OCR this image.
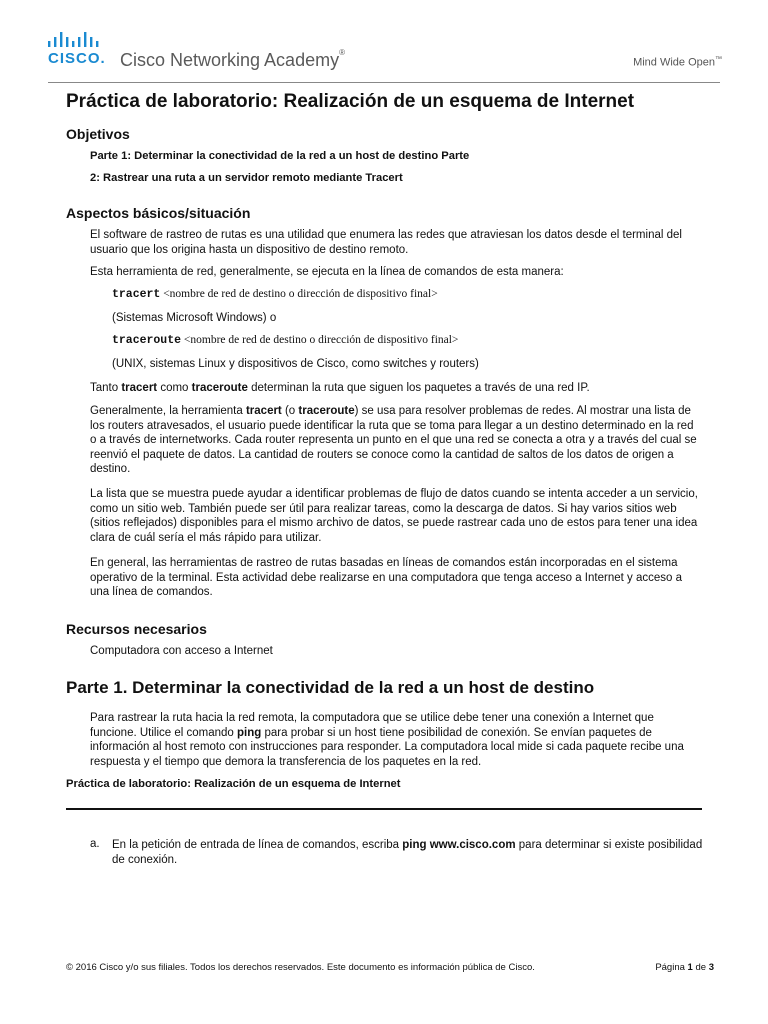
CISCO. Cisco Networking Academy®
Mind Wide Open™
Práctica de laboratorio: Realización de un esquema de Internet
Objetivos
Parte 1: Determinar la conectividad de la red a un host de destino Parte
2: Rastrear una ruta a un servidor remoto mediante Tracert
Aspectos básicos/situación

El software de rastreo de rutas es una utilidad que enumera las redes que atraviesan los datos desde el terminal del usuario que los origina hasta un dispositivo de destino remoto.

Esta herramienta de red, generalmente, se ejecuta en la línea de comandos de esta manera:

tracert <nombre de red de destino o dirección de dispositivo final>
(Sistemas Microsoft Windows) o
traceroute <nombre de red de destino o dirección de dispositivo final>
(UNIX, sistemas Linux y dispositivos de Cisco, como switches y routers)

Tanto tracert como traceroute determinan la ruta que siguen los paquetes a través de una red IP.

Generalmente, la herramienta tracert (o traceroute) se usa para resolver problemas de redes. Al mostrar una lista de los routers atravesados, el usuario puede identificar la ruta que se toma para llegar a un destino determinado en la red o a través de internetworks. Cada router representa un punto en el que una red se conecta a otra y a través del cual se reenvió el paquete de datos. La cantidad de routers se conoce como la cantidad de saltos de los datos de origen a destino.

La lista que se muestra puede ayudar a identificar problemas de flujo de datos cuando se intenta acceder a un servicio, como un sitio web. También puede ser útil para realizar tareas, como la descarga de datos. Si hay varios sitios web (sitios reflejados) disponibles para el mismo archivo de datos, se puede rastrear cada uno de estos para tener una idea clara de cuál sería el más rápido para utilizar.

En general, las herramientas de rastreo de rutas basadas en líneas de comandos están incorporadas en el sistema operativo de la terminal. Esta actividad debe realizarse en una computadora que tenga acceso a Internet y acceso a una línea de comandos.

Recursos necesarios
Computadora con acceso a Internet
Parte 1. Determinar la conectividad de la red a un host de destino

Para rastrear la ruta hacia la red remota, la computadora que se utilice debe tener una conexión a Internet que funcione. Utilice el comando ping para probar si un host tiene posibilidad de conexión. Se envían paquetes de información al host remoto con instrucciones para responder. La computadora local mide si cada paquete recibe una respuesta y el tiempo que demora la transferencia de los paquetes en la red.

Práctica de laboratorio: Realización de un esquema de Internet
a. En la petición de entrada de línea de comandos, escriba ping www.cisco.com para determinar si existe posibilidad de conexión.

© 2016 Cisco y/o sus filiales. Todos los derechos reservados. Este documento es información pública de Cisco.	Página 1 de 3
